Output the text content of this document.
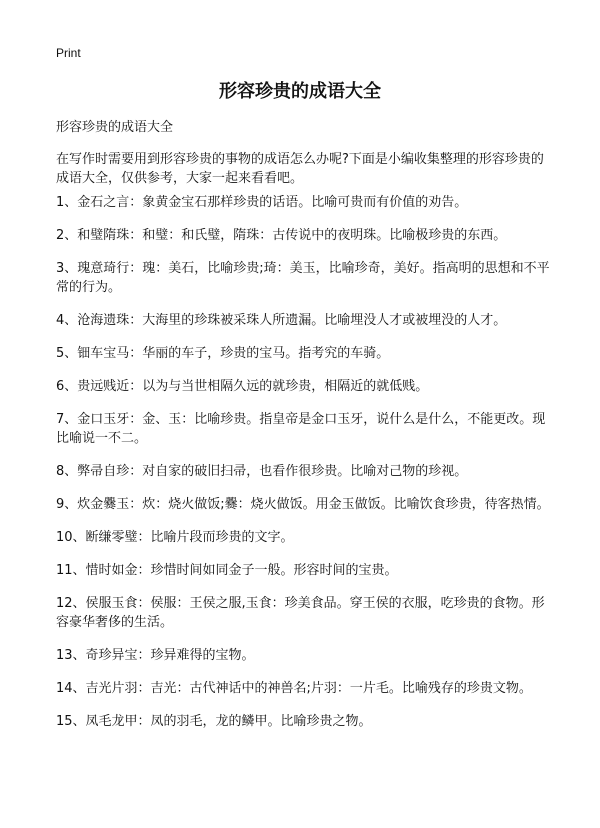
Print
形容珍贵的成语大全
形容珍贵的成语大全
在写作时需要用到形容珍贵的事物的成语怎么办呢?下面是小编收集整理的形容珍贵的成语大全，仅供参考，大家一起来看看吧。
1、金石之言：象黄金宝石那样珍贵的话语。比喻可贵而有价值的劝告。
2、和璧隋珠：和璧：和氏璧，隋珠：古传说中的夜明珠。比喻极珍贵的东西。
3、瑰意琦行：瑰：美石，比喻珍贵;琦：美玉，比喻珍奇，美好。指高明的思想和不平常的行为。
4、沧海遗珠：大海里的珍珠被采珠人所遗漏。比喻埋没人才或被埋没的人才。
5、钿车宝马：华丽的车子，珍贵的宝马。指考究的车骑。
6、贵远贱近：以为与当世相隔久远的就珍贵，相隔近的就低贱。
7、金口玉牙：金、玉：比喻珍贵。指皇帝是金口玉牙，说什么是什么，不能更改。现比喻说一不二。
8、弊帚自珍：对自家的破旧扫帚，也看作很珍贵。比喻对己物的珍视。
9、炊金爨玉：炊：烧火做饭;爨：烧火做饭。用金玉做饭。比喻饮食珍贵，待客热情。
10、断缣零璧：比喻片段而珍贵的文字。
11、惜时如金：珍惜时间如同金子一般。形容时间的宝贵。
12、侯服玉食：侯服：王侯之服,玉食：珍美食品。穿王侯的衣服，吃珍贵的食物。形容豪华奢侈的生活。
13、奇珍异宝：珍异难得的宝物。
14、吉光片羽：吉光：古代神话中的神兽名;片羽：一片毛。比喻残存的珍贵文物。
15、凤毛龙甲：凤的羽毛，龙的鳞甲。比喻珍贵之物。
